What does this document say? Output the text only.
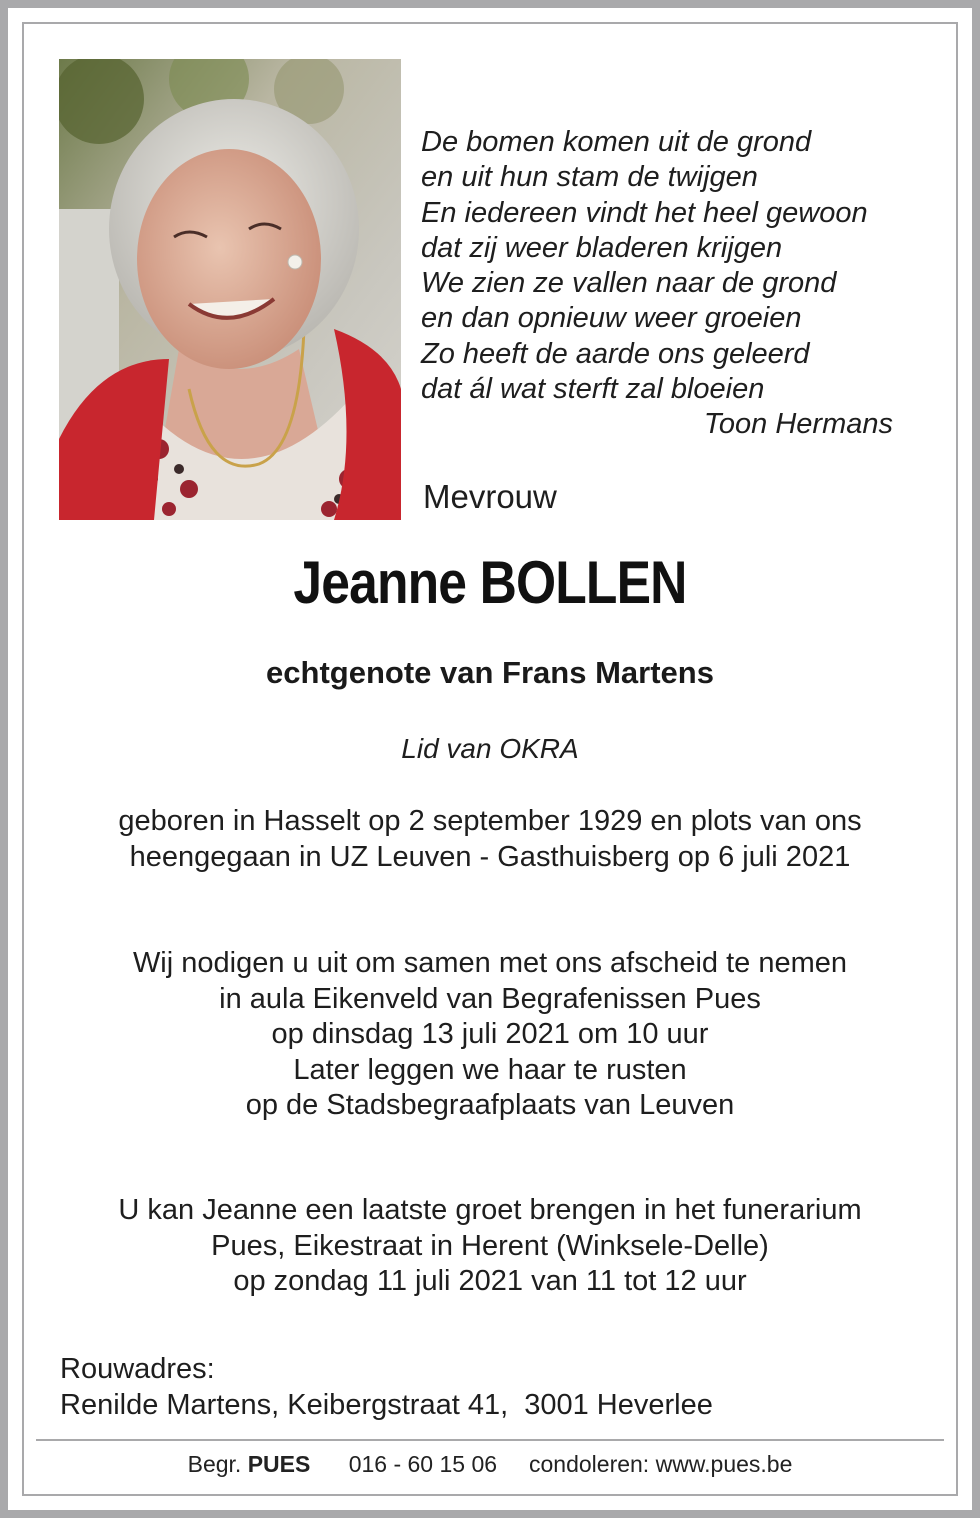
De bomen komen uit de grond
en uit hun stam de twijgen
En iedereen vindt het heel gewoon
dat zij weer bladeren krijgen
We zien ze vallen naar de grond
en dan opnieuw weer groeien
Zo heeft de aarde ons geleerd
dat ál wat sterft zal bloeien
Toon Hermans
Mevrouw
Jeanne BOLLEN
echtgenote van Frans Martens
Lid van OKRA
geboren in Hasselt op 2 september 1929 en plots van ons
heengegaan in UZ Leuven - Gasthuisberg op 6 juli 2021
Wij nodigen u uit om samen met ons afscheid te nemen
in aula Eikenveld van Begrafenissen Pues
op dinsdag 13 juli 2021 om 10 uur
Later leggen we haar te rusten
op de Stadsbegraafplaats van Leuven
U kan Jeanne een laatste groet brengen in het funerarium
Pues, Eikestraat in Herent (Winksele-Delle)
op zondag 11 juli 2021 van 11 tot 12 uur
Rouwadres:
Renilde Martens, Keibergstraat 41,  3001 Heverlee
Begr. PUES 016 - 60 15 06 condoleren: www.pues.be
